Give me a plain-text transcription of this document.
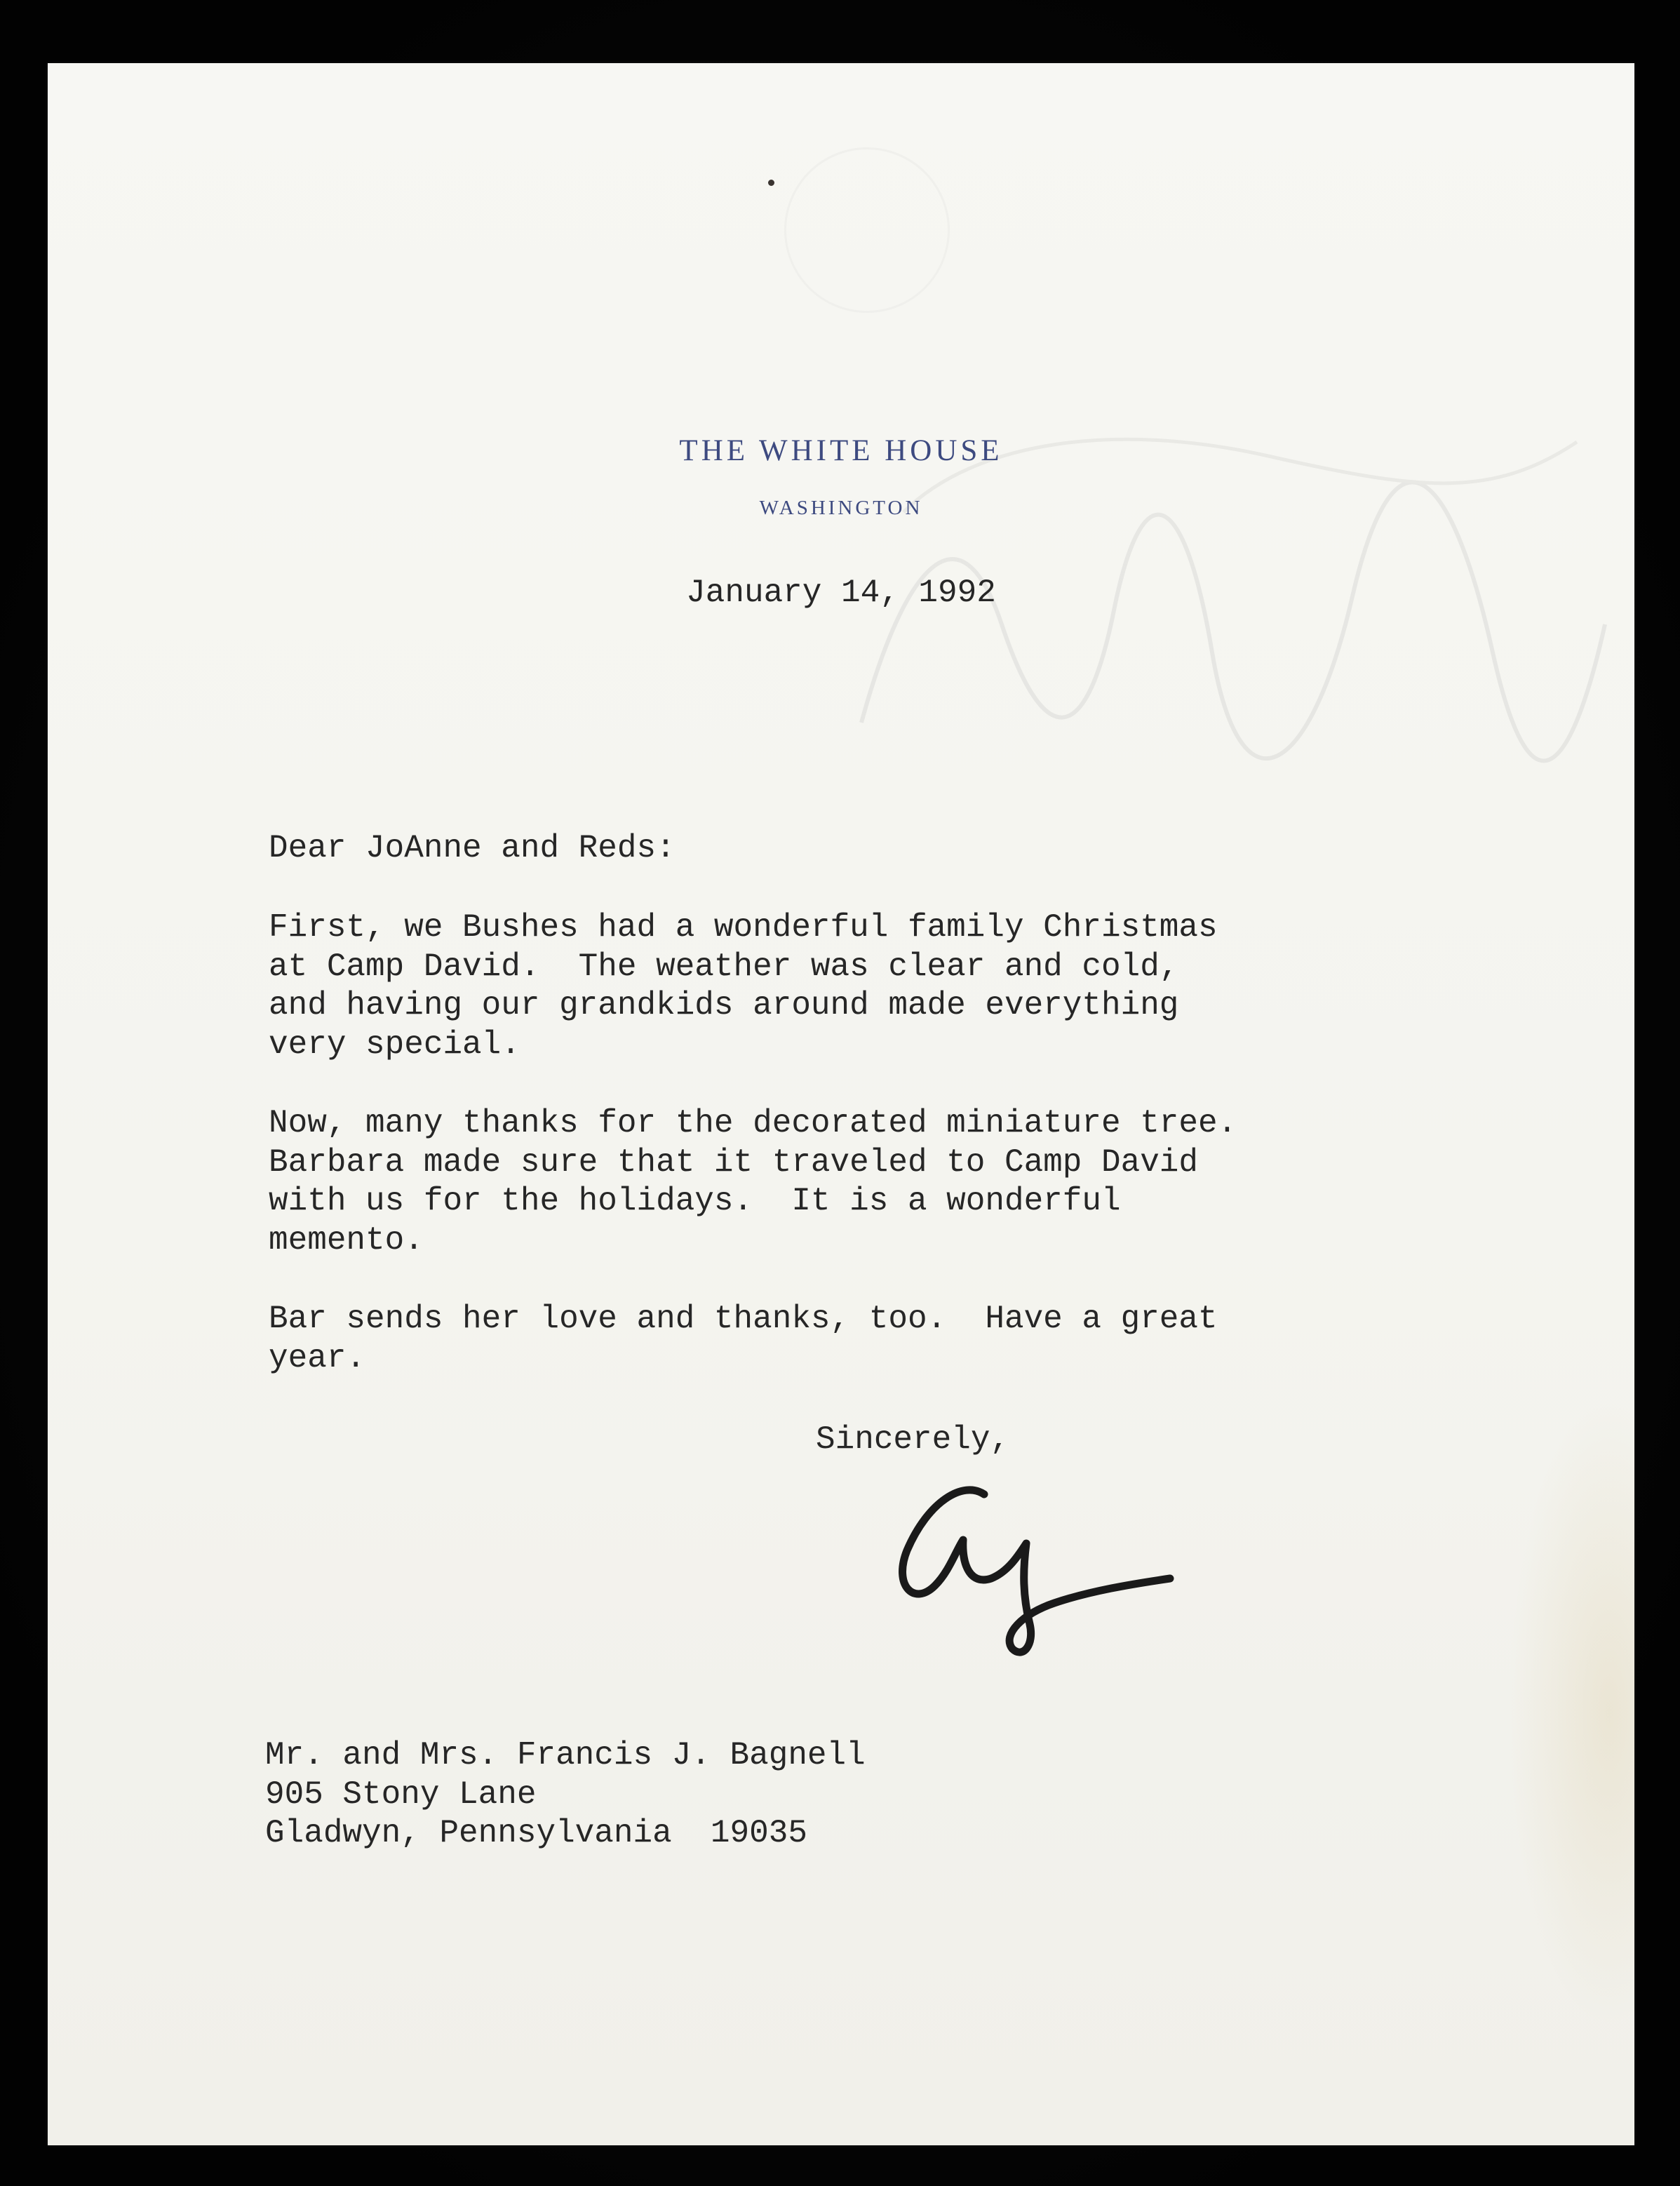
THE WHITE HOUSE
WASHINGTON
January 14, 1992
Dear JoAnne and Reds:
First, we Bushes had a wonderful family Christmas
at Camp David.  The weather was clear and cold,
and having our grandkids around made everything
very special.
Now, many thanks for the decorated miniature tree.
Barbara made sure that it traveled to Camp David
with us for the holidays.  It is a wonderful
memento.
Bar sends her love and thanks, too.  Have a great
year.
Sincerely,
Mr. and Mrs. Francis J. Bagnell
905 Stony Lane
Gladwyn, Pennsylvania  19035
